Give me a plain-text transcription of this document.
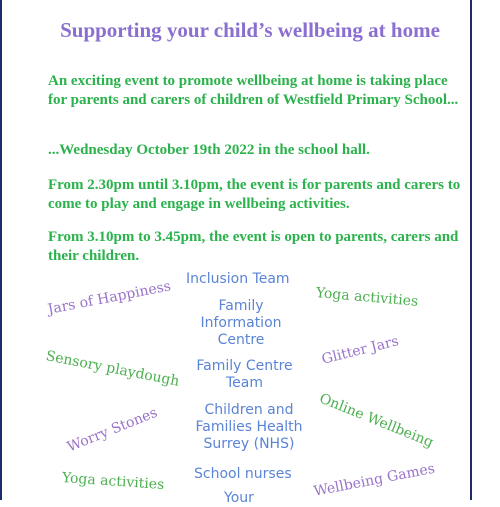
Supporting your child’s wellbeing at home
An exciting event to promote wellbeing at home is taking place for parents and carers of children of Westfield Primary School...
...Wednesday October 19th 2022 in the school hall.
From 2.30pm until 3.10pm, the event is for parents and carers to come to play and engage in wellbeing activities.
From 3.10pm to 3.45pm, the event is open to parents, carers and their children.
Inclusion Team
Family
Information
Centre
Family Centre
Team
Children and
Families Health
Surrey (NHS)
School nurses
Your
Jars of Happiness	Yoga activities
Sensory playdough	Glitter Jars
Online Wellbeing
Worry Stones
Yoga activities	Wellbeing Games
